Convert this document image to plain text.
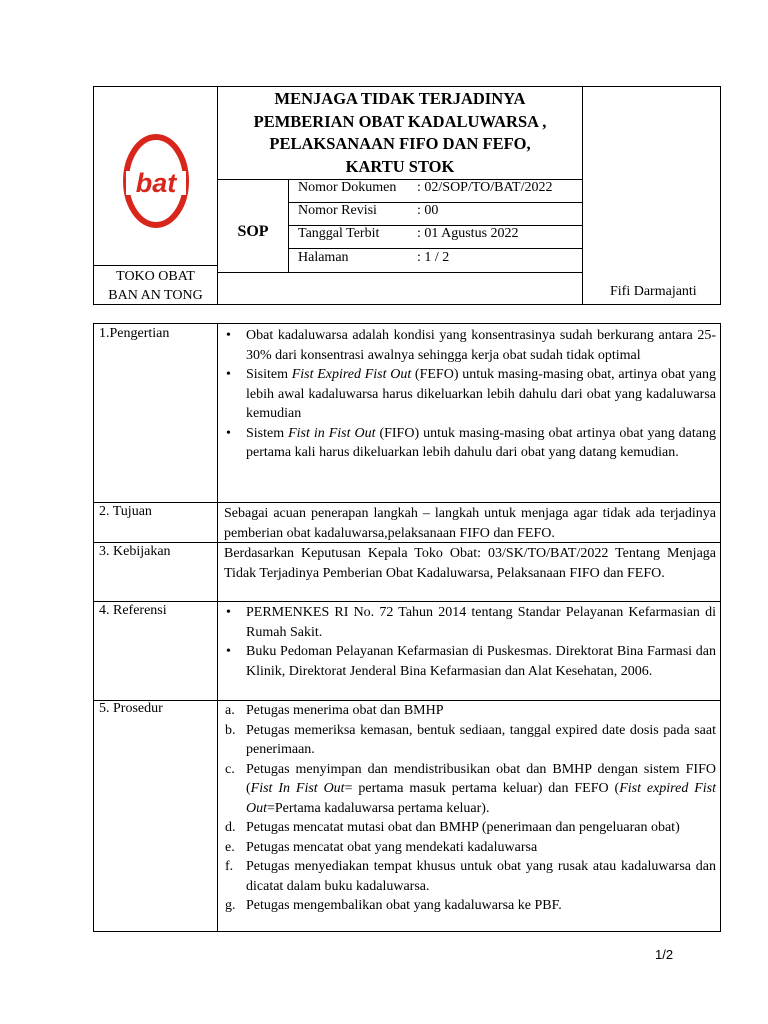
bat
MENJAGA TIDAK TERJADINYA
PEMBERIAN OBAT KADALUWARSA ,
PELAKSANAAN FIFO DAN FEFO,
KARTU STOK
SOP
Nomor Dokumen : 02/SOP/TO/BAT/2022
Nomor Revisi	: 00
Tanggal Terbit	: 01 Agustus 2022
Halaman	: 1 / 2
TOKO OBAT
BAN AN TONG	Fifi Darmajanti
1.Pengertian	• Obat kadaluwarsa adalah kondisi yang konsentrasinya sudah berkurang antara 25-30% dari konsentrasi awalnya sehingga kerja obat sudah tidak optimal
• Sisitem Fist Expired Fist Out (FEFO) untuk masing-masing obat, artinya obat yang lebih awal kadaluwarsa harus dikeluarkan lebih dahulu dari obat yang kadaluwarsa kemudian
• Sistem Fist in Fist Out (FIFO) untuk masing-masing obat artinya obat yang datang pertama kali harus dikeluarkan lebih dahulu dari obat yang datang kemudian.
2. Tujuan	Sebagai acuan penerapan langkah – langkah untuk menjaga agar tidak ada terjadinya pemberian obat kadaluwarsa,pelaksanaan FIFO dan FEFO.

3. Kebijakan	Berdasarkan Keputusan Kepala Toko Obat: 03/SK/TO/BAT/2022 Tentang Menjaga Tidak Terjadinya Pemberian Obat Kadaluwarsa, Pelaksanaan FIFO dan FEFO.

4. Referensi	• PERMENKES RI No. 72 Tahun 2014 tentang Standar Pelayanan Kefarmasian di Rumah Sakit.
• Buku Pedoman Pelayanan Kefarmasian di Puskesmas. Direktorat Bina Farmasi dan Klinik, Direktorat Jenderal Bina Kefarmasian dan Alat Kesehatan, 2006.
5. Prosedur	a. Petugas menerima obat dan BMHP
b. Petugas memeriksa kemasan, bentuk sediaan, tanggal expired date dosis pada saat penerimaan.
c. Petugas menyimpan dan mendistribusikan obat dan BMHP dengan sistem FIFO (Fist In Fist Out= pertama masuk pertama keluar) dan FEFO (Fist expired Fist Out=Pertama kadaluwarsa pertama keluar).
d. Petugas mencatat mutasi obat dan BMHP (penerimaan dan pengeluaran obat)
e. Petugas mencatat obat yang mendekati kadaluwarsa
f. Petugas menyediakan tempat khusus untuk obat yang rusak atau kadaluwarsa dan dicatat dalam buku kadaluwarsa.
g. Petugas mengembalikan obat yang kadaluwarsa ke PBF.
1/2
